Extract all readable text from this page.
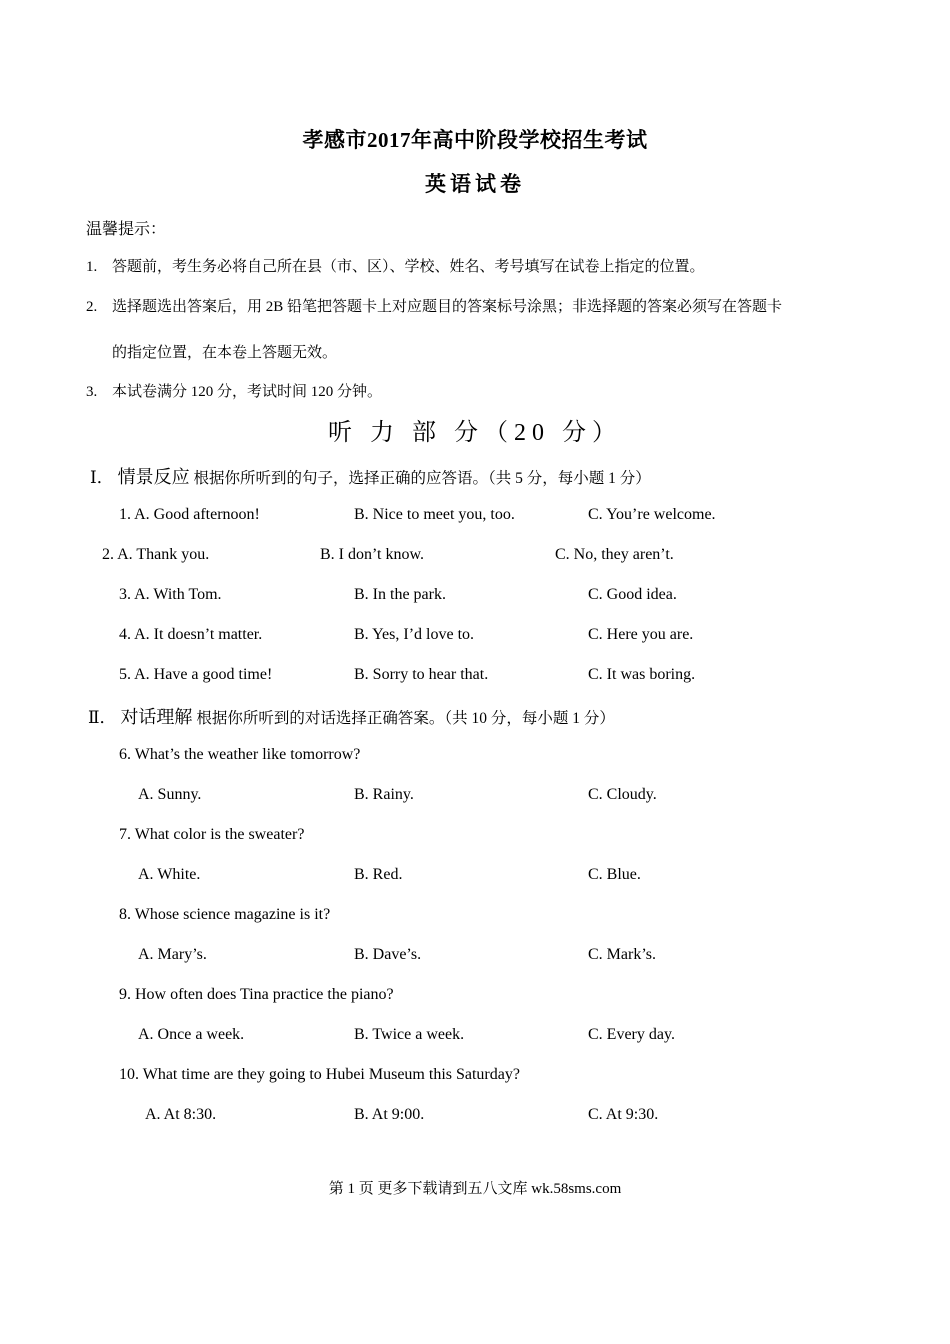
孝感市2017年高中阶段学校招生考试
英语试卷
温馨提示：
1. 答题前，考生务必将自己所在县（市、区）、学校、姓名、考号填写在试卷上指定的位置。
2. 选择题选出答案后，用 2B 铅笔把答题卡上对应题目的答案标号涂黑；非选择题的答案必须写在答题卡
的指定位置，在本卷上答题无效。
3. 本试卷满分 120 分，考试时间 120 分钟。
听 力 部 分（20 分）
Ⅰ． 情景反应 根据你所听到的句子，选择正确的应答语。（共 5 分，每小题 1 分）
1. A. Good afternoon!	B. Nice to meet you, too.	C. You’re welcome.
2. A. Thank you.	B. I don’t know.	C. No, they aren’t.
3. A. With Tom.	B. In the park.	C. Good idea.
4. A. It doesn’t matter.	B. Yes, I’d love to.	C. Here you are.
5. A. Have a good time!	B. Sorry to hear that.	C. It was boring.
Ⅱ． 对话理解 根据你所听到的对话选择正确答案。（共 10 分，每小题 1 分）
6. What’s the weather like tomorrow?
A. Sunny.	B. Rainy.	C. Cloudy.
7. What color is the sweater?
A. White.	B. Red.	C. Blue.
8. Whose science magazine is it?
A. Mary’s.	B. Dave’s.	C. Mark’s.
9. How often does Tina practice the piano?
A. Once a week.	B. Twice a week.	C. Every day.
10. What time are they going to Hubei Museum this Saturday?
A. At 8:30.	B. At 9:00.	C. At 9:30.
第 1 页 更多下载请到五八文库 wk.58sms.com
